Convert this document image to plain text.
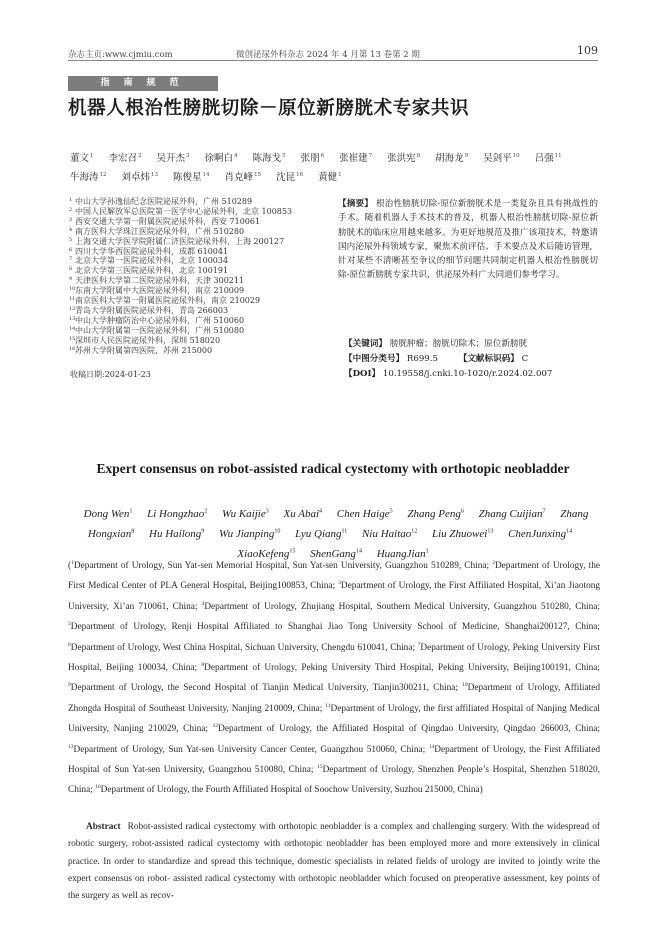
杂志主页:www.cjmiu.com	微创泌尿外科杂志 2024 年 4 月第 13 卷第 2 期	109
指南规范
机器人根治性膀胱切除－原位新膀胱术专家共识
董文$^1$ 李宏召$^2$ 吴开杰$^3$ 徐啊白$^4$ 陈海戈$^5$ 张朋$^6$ 张崔建$^7$ 张洪宪$^8$ 胡海龙$^9$ 吴剑平$^{10}$ 吕强$^{11}$牛海涛$^{12}$ 刘卓炜$^{13}$ 陈俊星$^{14}$ 肖克峰$^{15}$ 沈昆$^{16}$ 黄健$^1$
1 中山大学孙逸仙纪念医院泌尿外科，广州 510289
2 中国人民解放军总医院第一医学中心泌尿外科，北京 100853
3 西安交通大学第一附属医院泌尿外科，西安 710061
4 南方医科大学珠江医院泌尿外科，广州 510280
5 上海交通大学医学院附属仁济医院泌尿外科，上海 200127
6 四川大学华西医院泌尿外科，成都 610041
7 北京大学第一医院泌尿外科，北京 100034
8 北京大学第三医院泌尿外科，北京 100191
9 天津医科大学第二医院泌尿外科，天津 300211
10 东南大学附属中大医院泌尿外科，南京 210009
11 南京医科大学第一附属医院泌尿外科，南京 210029
12 青岛大学附属医院泌尿外科，青岛 266003
13 中山大学肿瘤防治中心泌尿外科，广州 510060
14 中山大学附属第一医院泌尿外科，广州 510080
15 深圳市人民医院泌尿外科，深圳 518020
16 苏州大学附属第四医院，苏州 215000
收稿日期:2024-01-23
【摘要】 根治性膀胱切除-原位新膀胱术是一类复杂且具有挑战性的手术。随着机器人手术技术的普及，机器人根治性膀胱切除-原位新膀胱术的临床应用越来越多。为更好地规范及推广该项技术，特邀请国内泌尿外科领域专家，聚焦术前评估、手术要点及术后随访管理，针对某些不清晰甚至争议的细节问题共同制定机器人根治性膀胱切除-原位新膀胱专家共识，供泌尿外科广大同道们参考学习。
【关键词】 膀胱肿瘤；膀胱切除术；原位新膀胱
【中图分类号】 R699.5 【文献标识码】 C
【DOI】 10.19558/j.cnki.10-1020/r.2024.02.007
Expert consensus on robot-assisted radical cystectomy with orthotopic neobladder
Dong Wen$^1$ Li Hongzhao$^2$ Wu Kaijie$^3$ Xu Abai$^4$ Chen Haige$^5$ Zhang Peng$^6$ Zhang Cuijian$^7$ Zhang Hongxian$^8$ Hu Hailong$^9$ Wu Jianping$^{10}$ Lyu Qiang$^{11}$ Niu Haitao$^{12}$ Liu Zhuowei$^{13}$ ChenJunxing$^{14}$ XiaoKefeng$^{15}$ ShenGang$^{14}$ HuangJian$^1$
($^1$Department of Urology, Sun Yat-sen Memorial Hospital, Sun Yat-sen University, Guangzhou 510289, China; $^2$Department of Urology, the First Medical Center of PLA General Hospital, Beijing100853, China; $^3$Department of Urology, the First Affiliated Hospital, Xi’an Jiaotong University, Xi’an 710061, China; $^4$Department of Urology, Zhujiang Hospital, Southern Medical University, Guangzhou 510280, China; $^5$Department of Urology, Renji Hospital Affiliated to Shanghai Jiao Tong University School of Medicine, Shanghai200127, China; $^6$Department of Urology, West China Hospital, Sichuan University, Chengdu 610041, China; $^7$Department of Urology, Peking University First Hospital, Beijing 100034, China; $^8$Department of Urology, Peking University Third Hospital, Peking University, Beijing100191, China; $^9$Department of Urology, the Second Hospital of Tianjin Medical University, Tianjin300211, China; $^{10}$Department of Urology, Affiliated Zhongda Hospital of Southeast University, Nanjing 210009, China; $^{11}$Department of Urology, the first affiliated Hospital of Nanjing Medical University, Nanjing 210029, China; $^{12}$Department of Urology, the Affiliated Hospital of Qingdao University, Qingdao 266003, China; $^{13}$Department of Urology, Sun Yat-sen University Cancer Center, Guangzhou 510060, China; $^{14}$Department of Urology, the First Affiliated Hospital of Sun Yat-sen University, Guangzhou 510080, China; $^{15}$Department of Urology, Shenzhen People’s Hospital, Shenzhen 518020, China; $^{16}$Department of Urology, the Fourth Affiliated Hospital of Soochow University, Suzhou 215000, China)
Abstract Robot-assisted radical cystectomy with orthotopic neobladder is a complex and challenging surgery. With the widespread of robotic surgery, robot-assisted radical cystectomy with orthotopic neobladder has been employed more and more extensively in clinical practice. In order to standardize and spread this technique, domestic specialists in related fields of urology are invited to jointly write the expert consensus on robot- assisted radical cystectomy with orthotopic neobladder which focused on preoperative assessment, key points of the surgery as well as recov-
